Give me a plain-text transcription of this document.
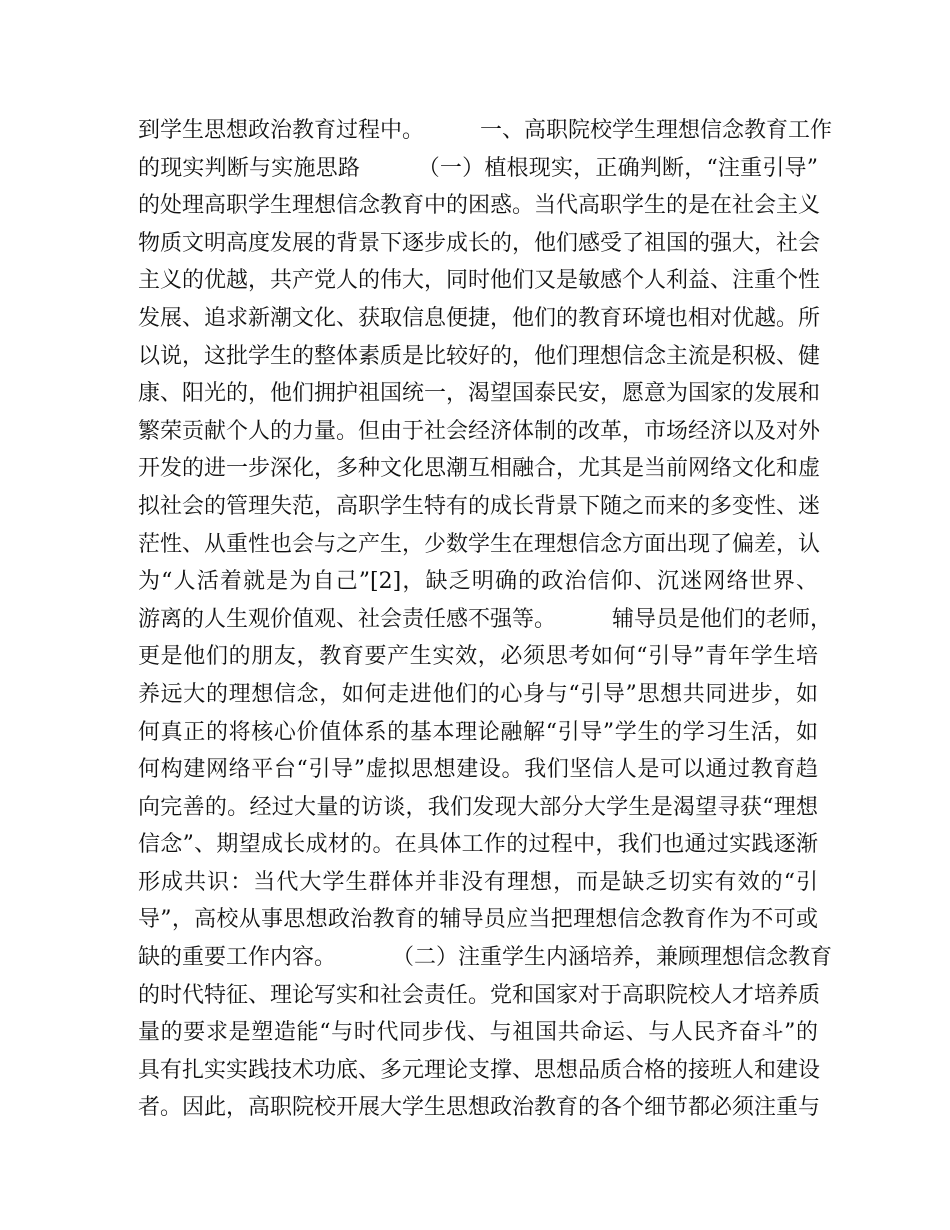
到学生思想政治教育过程中。        一、高职院校学生理想信念教育工作
的现实判断与实施思路        （一）植根现实，正确判断，“注重引导”
的处理高职学生理想信念教育中的困惑。当代高职学生的是在社会主义
物质文明高度发展的背景下逐步成长的，他们感受了祖国的强大，社会
主义的优越，共产党人的伟大，同时他们又是敏感个人利益、注重个性
发展、追求新潮文化、获取信息便捷，他们的教育环境也相对优越。所
以说，这批学生的整体素质是比较好的，他们理想信念主流是积极、健
康、阳光的，他们拥护祖国统一，渴望国泰民安，愿意为国家的发展和
繁荣贡献个人的力量。但由于社会经济体制的改革，市场经济以及对外
开发的进一步深化，多种文化思潮互相融合，尤其是当前网络文化和虚
拟社会的管理失范，高职学生特有的成长背景下随之而来的多变性、迷
茫性、从重性也会与之产生，少数学生在理想信念方面出现了偏差，认
为“人活着就是为自己”[2]，缺乏明确的政治信仰、沉迷网络世界、
游离的人生观价值观、社会责任感不强等。        辅导员是他们的老师，
更是他们的朋友，教育要产生实效，必须思考如何“引导”青年学生培
养远大的理想信念，如何走进他们的心身与“引导”思想共同进步，如
何真正的将核心价值体系的基本理论融解“引导”学生的学习生活，如
何构建网络平台“引导”虚拟思想建设。我们坚信人是可以通过教育趋
向完善的。经过大量的访谈，我们发现大部分大学生是渴望寻获“理想
信念”、期望成长成材的。在具体工作的过程中，我们也通过实践逐渐
形成共识：当代大学生群体并非没有理想，而是缺乏切实有效的“引
导”，高校从事思想政治教育的辅导员应当把理想信念教育作为不可或
缺的重要工作内容。        （二）注重学生内涵培养，兼顾理想信念教育
的时代特征、理论写实和社会责任。党和国家对于高职院校人才培养质
量的要求是塑造能“与时代同步伐、与祖国共命运、与人民齐奋斗”的
具有扎实实践技术功底、多元理论支撑、思想品质合格的接班人和建设
者。因此，高职院校开展大学生思想政治教育的各个细节都必须注重与
